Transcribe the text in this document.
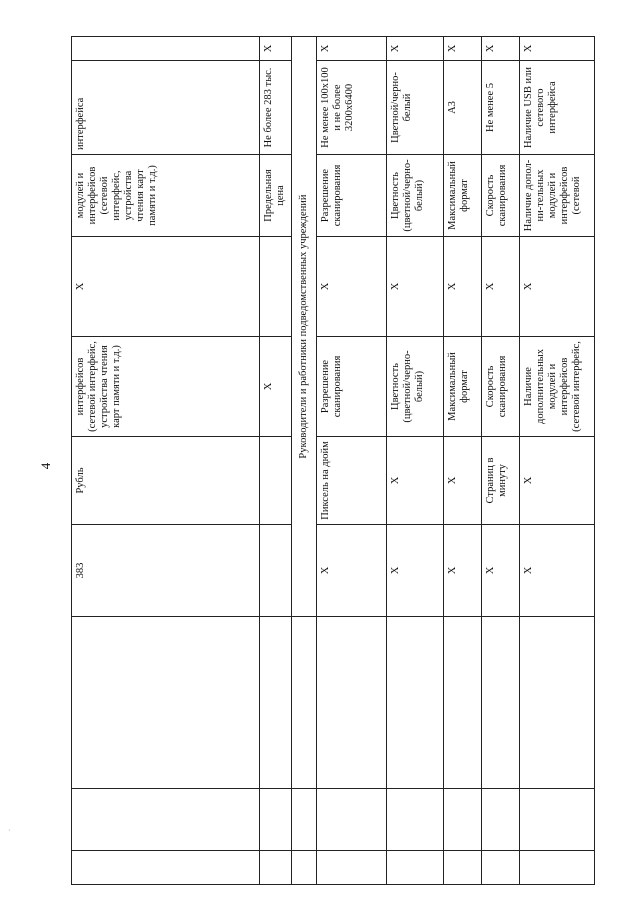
4
			383	Рубль	интерфейсов (сетевой интерфейс, устройства чтения карт памяти и т.д.)	X	модулей и интерфейсов (сетевой интерфейс, устройства чтения карт памяти и т.д.)	интерфейса	
					X		Предельная цена	Не более 283 тыс.	X
			Руководители и работники подведомственных учреждений						
			X	Пиксель на дюйм	Разрешение сканирования	X	Разрешение сканирования	Не менее 100x100 и не более 3200x6400	X
			X	X	Цветность (цветной/черно-белый)	X	Цветность (цветной/черно-белый)	Цветной/черно-белый	X
			X	X	Максимальный формат	X	Максимальный формат	А3	X
			X	Страниц в минуту	Скорость сканирования	X	Скорость сканирования	Не менее 5	X
			X	X	Наличие дополнительных модулей и интерфейсов (сетевой интерфейс,	X	Наличие допол-ни-тельных модулей и интерфейсов (сетевой	Наличие USB или сетевого интерфейса	X
·
